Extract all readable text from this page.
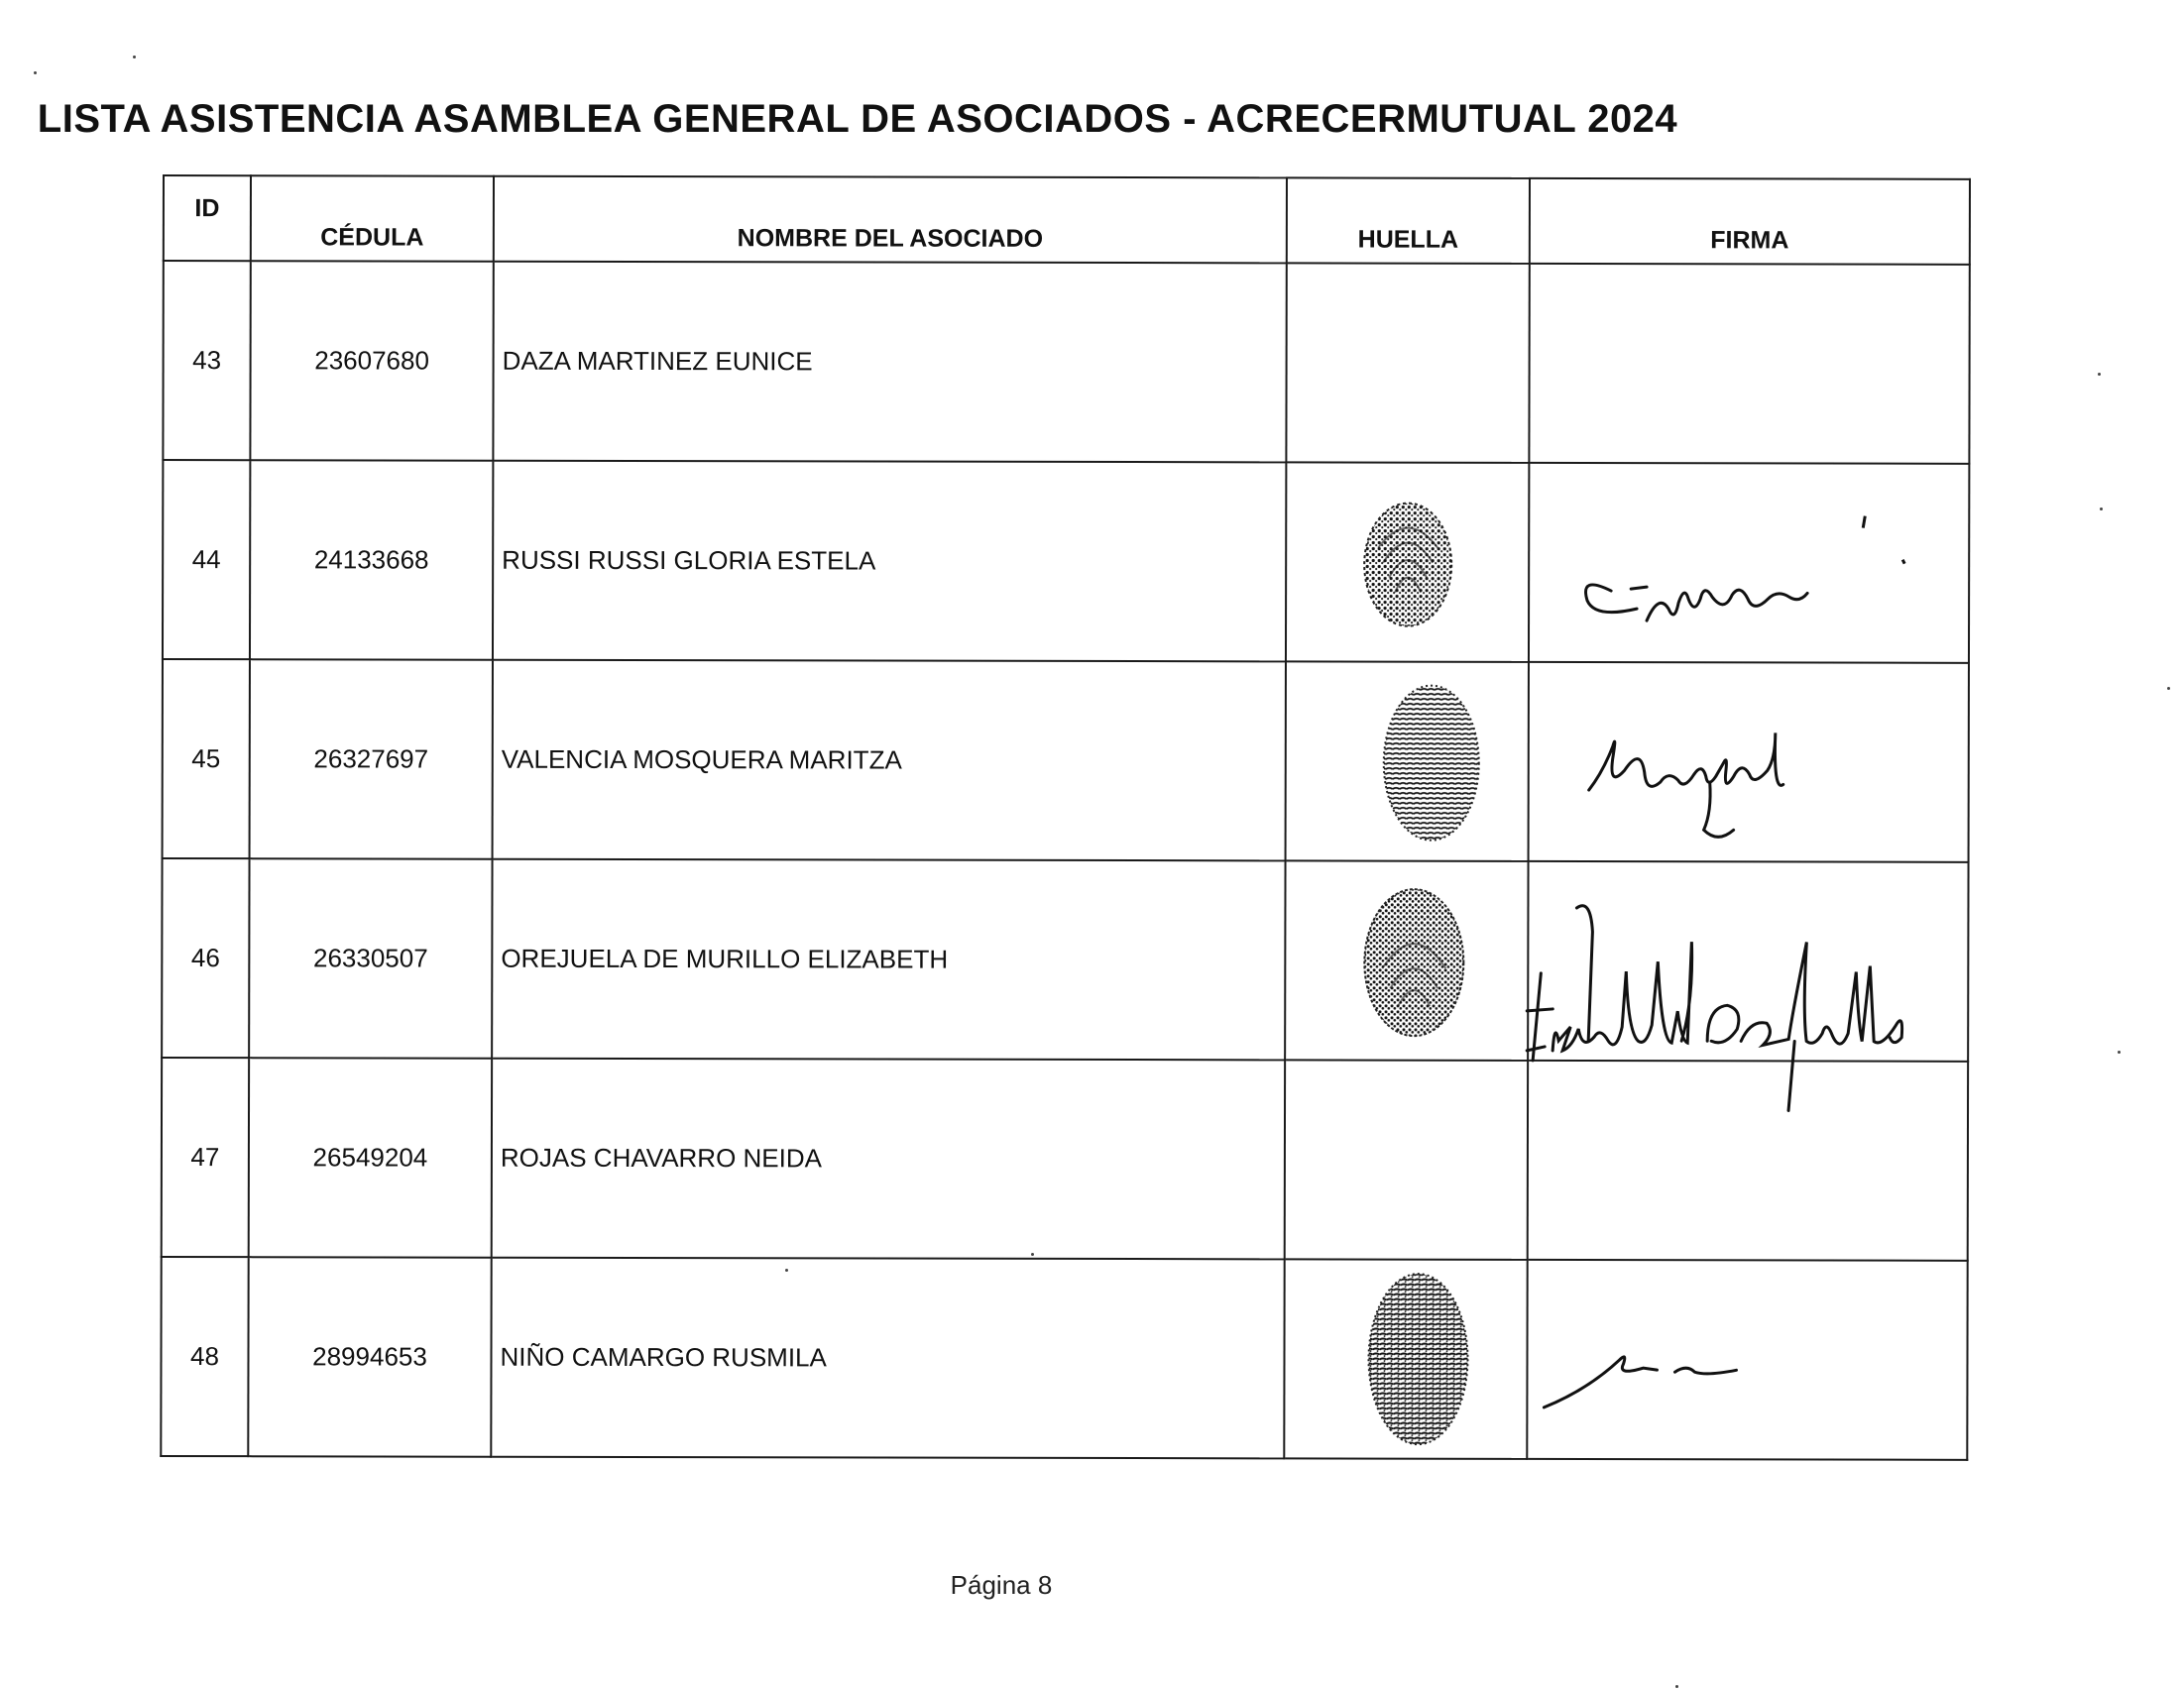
LISTA ASISTENCIA ASAMBLEA GENERAL DE ASOCIADOS - ACRECERMUTUAL 2024
ID	CÉDULA	NOMBRE DEL ASOCIADO	HUELLA	FIRMA
43	23607680	DAZA MARTINEZ EUNICE		
44	24133668	RUSSI RUSSI GLORIA ESTELA	

45	26327697	VALENCIA MOSQUERA MARITZA	

46	26330507	OREJUELA DE MURILLO ELIZABETH	

47	26549204	ROJAS CHAVARRO NEIDA		
48	28994653	NIÑO CAMARGO RUSMILA	

Página 8
